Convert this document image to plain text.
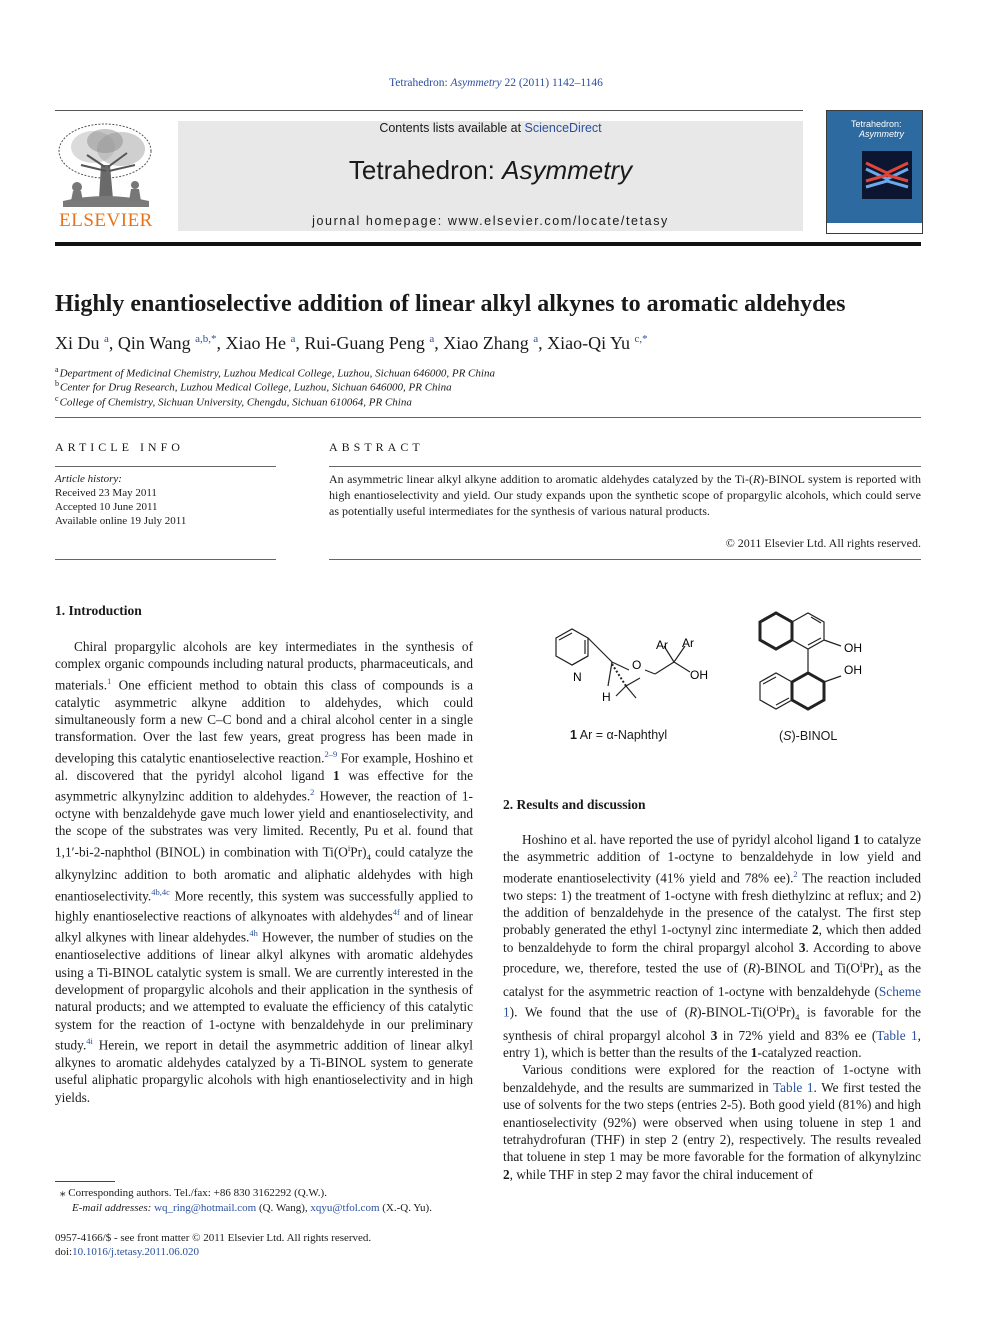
Tetrahedron: Asymmetry 22 (2011) 1142–1146
ELSEVIER
Contents lists available at ScienceDirect
Tetrahedron: Asymmetry
journal homepage: www.elsevier.com/locate/tetasy
Tetrahedron:
Asymmetry
Highly enantioselective addition of linear alkyl alkynes to aromatic aldehydes
Xi Du $^a$, Qin Wang $^{a,b,*}$, Xiao He $^a$, Rui-Guang Peng $^a$, Xiao Zhang $^a$, Xiao-Qi Yu $^{c,*}$
$^a$Department of Medicinal Chemistry, Luzhou Medical College, Luzhou, Sichuan 646000, PR China
$^b$Center for Drug Research, Luzhou Medical College, Luzhou, Sichuan 646000, PR China
$^c$College of Chemistry, Sichuan University, Chengdu, Sichuan 610064, PR China
ARTICLE INFO
Article history:
Received 23 May 2011
Accepted 10 June 2011
Available online 19 July 2011
ABSTRACT
An asymmetric linear alkyl alkyne addition to aromatic aldehydes catalyzed by the Ti-(R)-BINOL system is reported with high enantioselectivity and yield. Our study expands upon the synthetic scope of propargylic alcohols, which could serve as potentially useful intermediates for the synthesis of various natural products.
© 2011 Elsevier Ltd. All rights reserved.
1. Introduction

Chiral propargylic alcohols are key intermediates in the synthesis of complex organic compounds including natural products, pharmaceuticals, and materials.$^1$ One efficient method to obtain this class of compounds is a catalytic asymmetric alkyne addition to aldehydes, which could simultaneously form a new C–C bond and a chiral alcohol center in a single transformation. Over the last few years, great progress has been made in developing this catalytic enantioselective reaction.$^{2-9}$ For example, Hoshino et al. discovered that the pyridyl alcohol ligand 1 was effective for the asymmetric alkynylzinc addition to aldehydes.$^2$ However, the reaction of 1-octyne with benzaldehyde gave much lower yield and enantioselectivity, and the scope of the substrates was very limited. Recently, Pu et al. found that 1,1′-bi-2-naphthol (BINOL) in combination with $Ti(O^iPr)_4$ could catalyze the alkynylzinc addition to both aromatic and aliphatic aldehydes with high enantioselectivity.$^{4b,4c}$ More recently, this system was successfully applied to highly enantioselective reactions of alkynoates with aldehydes$^{4f}$ and of linear alkyl alkynes with linear aldehydes.$^{4h}$ However, the number of studies on the enantioselective additions of linear alkyl alkynes with aromatic aldehydes using a Ti-BINOL catalytic system is small. We are currently interested in the development of propargylic alcohols and their application in the synthesis of natural products; and we attempted to evaluate the efficiency of this catalytic system for the reaction of 1-octyne with benzaldehyde in our preliminary study.$^{4i}$ Herein, we report in detail the asymmetric addition of linear alkyl alkynes to aromatic aldehydes catalyzed by a Ti-BINOL system to generate useful aliphatic propargylic alcohols with high enantioselectivity and in high yields.

⁎ Corresponding authors. Tel./fax: +86 830 3162292 (Q.W.).
E-mail addresses: wq_ring@hotmail.com (Q. Wang), xqyu@tfol.com (X.-Q. Yu).
0957-4166/$ - see front matter © 2011 Elsevier Ltd. All rights reserved.
doi:10.1016/j.tetasy.2011.06.020
N
O
Ar Ar
OH
H
1 Ar = α-Naphthyl
OH
OH
(S)-BINOL
2. Results and discussion

Hoshino et al. have reported the use of pyridyl alcohol ligand 1 to catalyze the asymmetric addition of 1-octyne to benzaldehyde in low yield and moderate enantioselectivity (41% yield and 78% ee).$^2$ The reaction included two steps: 1) the treatment of 1-octyne with fresh diethylzinc at reflux; and 2) the addition of benzaldehyde in the presence of the catalyst. The first step probably generated the ethyl 1-octynyl zinc intermediate 2, which then added to benzaldehyde to form the chiral propargyl alcohol 3. According to above procedure, we, therefore, tested the use of (R)-BINOL and $Ti(O^iPr)_4$ as the catalyst for the asymmetric reaction of 1-octyne with benzaldehyde (Scheme 1). We found that the use of $(R)-BINOL-Ti(O^iPr)_4$ is favorable for the synthesis of chiral propargyl alcohol 3 in 72% yield and 83% ee (Table 1, entry 1), which is better than the results of the 1-catalyzed reaction.

Various conditions were explored for the reaction of 1-octyne with benzaldehyde, and the results are summarized in Table 1. We first tested the use of solvents for the two steps (entries 2-5). Both good yield (81%) and high enantioselectivity (92%) were observed when using toluene in step 1 and tetrahydrofuran (THF) in step 2 (entry 2), respectively. The results revealed that toluene in step 1 may be more favorable for the formation of alkynylzinc 2, while THF in step 2 may favor the chiral inducement of
